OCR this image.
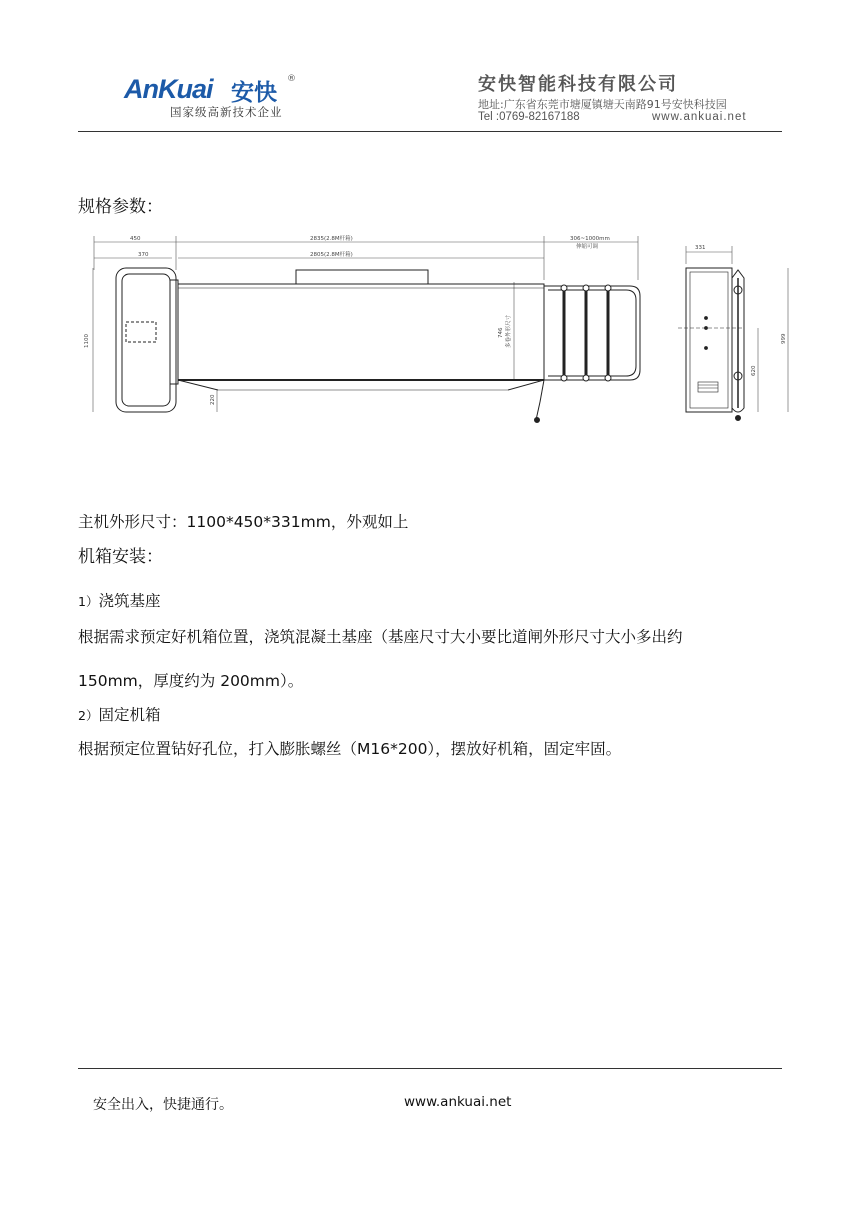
AnKuai 安快
®
国家级高新技术企业
安快智能科技有限公司
地址:广东省东莞市塘厦镇塘天南路91号安快科技园
Tel :0769-82167188	www.ankuai.net
规格参数：
450
370
2835(2.8M杆箱)
2805(2.8M杆箱)
306~1000mm
伸缩可调	331
1100
746 多卷外形尺寸
220
999
620
主机外形尺寸：1100*450*331mm，外观如上
机箱安装：
1）浇筑基座
根据需求预定好机箱位置，浇筑混凝土基座（基座尺寸大小要比道闸外形尺寸大小多出约
150mm，厚度约为 200mm）。
2）固定机箱
根据预定位置钻好孔位，打入膨胀螺丝（M16*200），摆放好机箱，固定牢固。
安全出入，快捷通行。	www.ankuai.net
